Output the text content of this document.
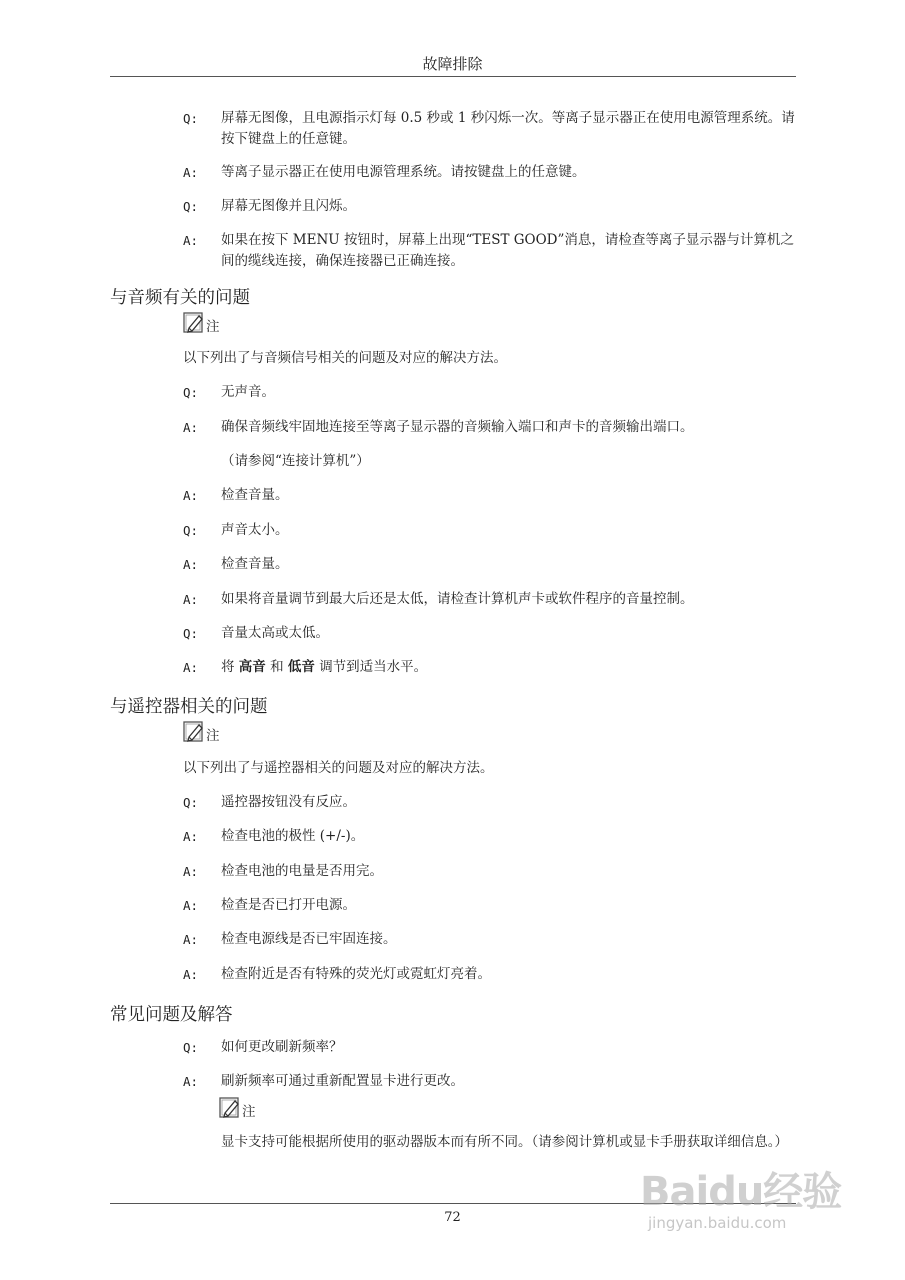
故障排除
Q:	屏幕无图像，且电源指示灯每 0.5 秒或 1 秒闪烁一次。等离子显示器正在使用电源管理系统。请按下键盘上的任意键。
A:	等离子显示器正在使用电源管理系统。请按键盘上的任意键。
Q:	屏幕无图像并且闪烁。
A:	如果在按下 MENU 按钮时，屏幕上出现“TEST GOOD”消息，请检查等离子显示器与计算机之间的缆线连接，确保连接器已正确连接。
与音频有关的问题
注
以下列出了与音频信号相关的问题及对应的解决方法。
Q:	无声音。
A:	确保音频线牢固地连接至等离子显示器的音频输入端口和声卡的音频输出端口。
（请参阅“连接计算机”）
A:	检查音量。
Q:	声音太小。
A:	检查音量。
A:	如果将音量调节到最大后还是太低，请检查计算机声卡或软件程序的音量控制。
Q:	音量太高或太低。
A:	将 高音 和 低音 调节到适当水平。
与遥控器相关的问题
注
以下列出了与遥控器相关的问题及对应的解决方法。
Q:	遥控器按钮没有反应。
A:	检查电池的极性 (+/-)。
A:	检查电池的电量是否用完。
A:	检查是否已打开电源。
A:	检查电源线是否已牢固连接。
A:	检查附近是否有特殊的荧光灯或霓虹灯亮着。
常见问题及解答
Q:	如何更改刷新频率？
A:	刷新频率可通过重新配置显卡进行更改。
注
显卡支持可能根据所使用的驱动器版本而有所不同。（请参阅计算机或显卡手册获取详细信息。）
72
Baidu经验
jingyan.baidu.com
